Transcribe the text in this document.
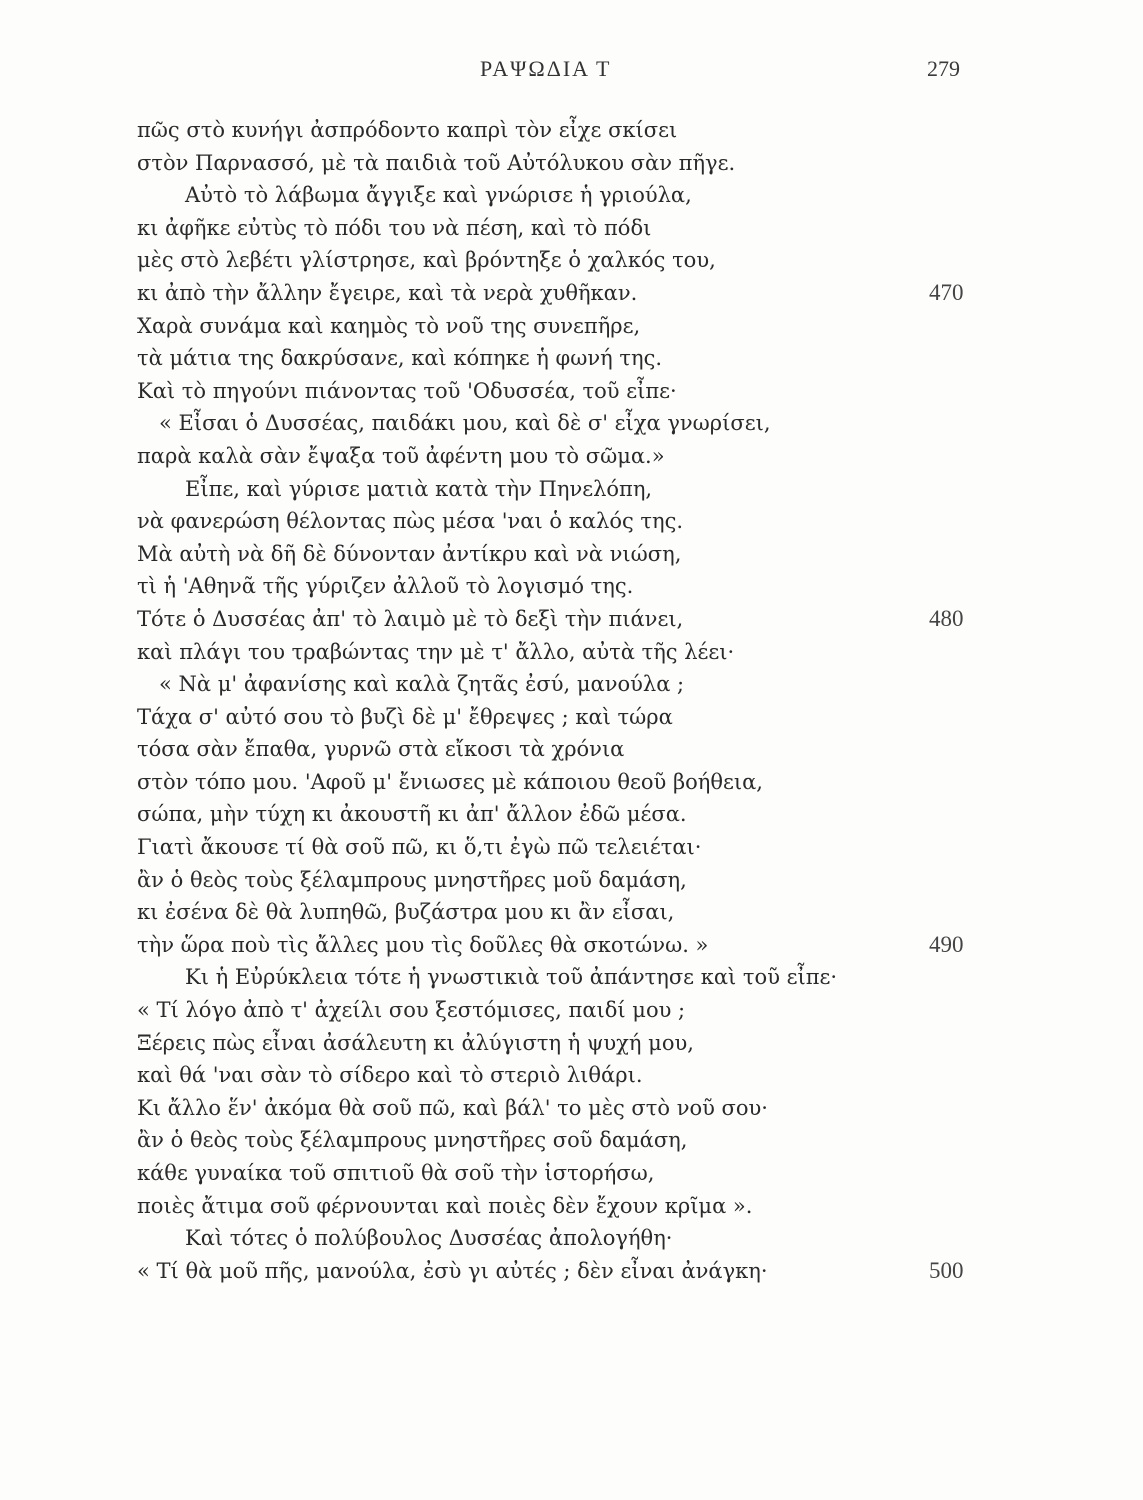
ΡΑΨΩΔΙΑ Τ	279
πῶς στὸ κυνήγι ἀσπρόδοντο καπρὶ τὸν εἶχε σκίσει
στὸν Παρνασσό, μὲ τὰ παιδιὰ τοῦ Αὐτόλυκου σὰν πῆγε.
Αὐτὸ τὸ λάβωμα ἄγγιξε καὶ γνώρισε ἡ γριούλα,
κι ἀφῆκε εὐτὺς τὸ πόδι του νὰ πέση, καὶ τὸ πόδι
μὲς στὸ λεβέτι γλίστρησε, καὶ βρόντηξε ὁ χαλκός του,
κι ἀπὸ τὴν ἄλλην ἔγειρε, καὶ τὰ νερὰ χυθῆκαν.	470
Χαρὰ συνάμα καὶ καημὸς τὸ νοῦ της συνεπῆρε,
τὰ μάτια της δακρύσανε, καὶ κόπηκε ἡ φωνή της.
Καὶ τὸ πηγούνι πιάνοντας τοῦ 'Οδυσσέα, τοῦ εἶπε·
« Εἶσαι ὁ Δυσσέας, παιδάκι μου, καὶ δὲ σ' εἶχα γνωρίσει,
παρὰ καλὰ σὰν ἔψαξα τοῦ ἀφέντη μου τὸ σῶμα.»
Εἶπε, καὶ γύρισε ματιὰ κατὰ τὴν Πηνελόπη,
νὰ φανερώση θέλοντας πὼς μέσα 'ναι ὁ καλός της.
Μὰ αὐτὴ νὰ δῆ δὲ δύνονταν ἀντίκρυ καὶ νὰ νιώση,
τὶ ἡ 'Αθηνᾶ τῆς γύριζεν ἀλλοῦ τὸ λογισμό της.
Τότε ὁ Δυσσέας ἀπ' τὸ λαιμὸ μὲ τὸ δεξὶ τὴν πιάνει,	480
καὶ πλάγι του τραβώντας την μὲ τ' ἄλλο, αὐτὰ τῆς λέει·
« Νὰ μ' ἀφανίσης καὶ καλὰ ζητᾶς ἐσύ, μανούλα ;
Τάχα σ' αὐτό σου τὸ βυζὶ δὲ μ' ἔθρεψες ; καὶ τώρα
τόσα σὰν ἔπαθα, γυρνῶ στὰ εἴκοσι τὰ χρόνια
στὸν τόπο μου. 'Αφοῦ μ' ἔνιωσες μὲ κάποιου θεοῦ βοήθεια,
σώπα, μὴν τύχη κι ἀκουστῆ κι ἀπ' ἄλλον ἐδῶ μέσα.
Γιατὶ ἄκουσε τί θὰ σοῦ πῶ, κι ὅ,τι ἐγὼ πῶ τελειέται·
ἂν ὁ θεὸς τοὺς ξέλαμπρους μνηστῆρες μοῦ δαμάση,
κι ἐσένα δὲ θὰ λυπηθῶ, βυζάστρα μου κι ἂν εἶσαι,
τὴν ὥρα ποὺ τὶς ἄλλες μου τὶς δοῦλες θὰ σκοτώνω. »	490
Κι ἡ Εὐρύκλεια τότε ἡ γνωστικιὰ τοῦ ἀπάντησε καὶ τοῦ εἶπε·
« Τί λόγο ἀπὸ τ' ἀχείλι σου ξεστόμισες, παιδί μου ;
Ξέρεις πὼς εἶναι ἀσάλευτη κι ἀλύγιστη ἡ ψυχή μου,
καὶ θά 'ναι σὰν τὸ σίδερο καὶ τὸ στεριὸ λιθάρι.
Κι ἄλλο ἕν' ἀκόμα θὰ σοῦ πῶ, καὶ βάλ' το μὲς στὸ νοῦ σου·
ἂν ὁ θεὸς τοὺς ξέλαμπρους μνηστῆρες σοῦ δαμάση,
κάθε γυναίκα τοῦ σπιτιοῦ θὰ σοῦ τὴν ἱστορήσω,
ποιὲς ἄτιμα σοῦ φέρνουνται καὶ ποιὲς δὲν ἔχουν κρῖμα ».
Καὶ τότες ὁ πολύβουλος Δυσσέας ἀπολογήθη·
« Τί θὰ μοῦ πῆς, μανούλα, ἐσὺ γι αὐτές ; δὲν εἶναι ἀνάγκη·	500
